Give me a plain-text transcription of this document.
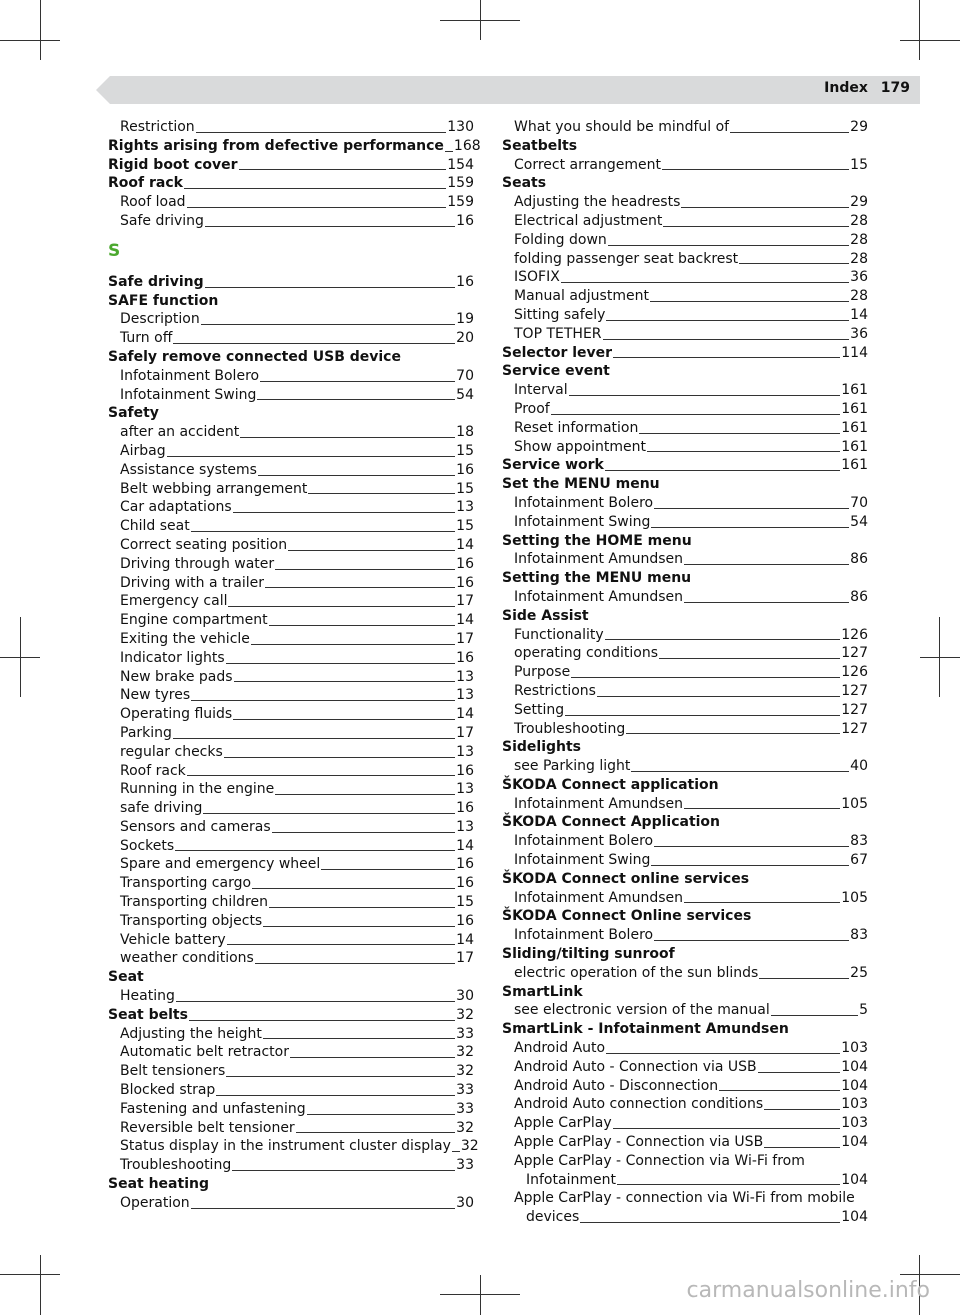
Index 179
Restriction	130
Rights arising from defective performance 168
Rigid boot cover	154
Roof rack	159
Roof load	159
Safe driving	16
S
Safe driving	16
SAFE function
Description	19
Turn off	20
Safely remove connected USB device
Infotainment Bolero	70
Infotainment Swing	54
Safety
after an accident	18
Airbag	15
Assistance systems	16
Belt webbing arrangement	15
Car adaptations	13
Child seat	15
Correct seating position	14
Driving through water	16
Driving with a trailer	16
Emergency call	17
Engine compartment	14
Exiting the vehicle	17
Indicator lights	16
New brake pads	13
New tyres	13
Operating fluids	14
Parking	17
regular checks	13
Roof rack	16
Running in the engine	13
safe driving	16
Sensors and cameras	13
Sockets	14
Spare and emergency wheel	16
Transporting cargo	16
Transporting children	15
Transporting objects	16
Vehicle battery	14
weather conditions	17
Seat
Heating	30
Seat belts	32
Adjusting the height	33
Automatic belt retractor	32
Belt tensioners	32
Blocked strap	33
Fastening and unfastening	33
Reversible belt tensioner	32
Status display in the instrument cluster display 32
Troubleshooting	33
Seat heating
Operation	30
What you should be mindful of	29
Seatbelts
Correct arrangement	15
Seats
Adjusting the headrests	29
Electrical adjustment	28
Folding down	28
folding passenger seat backrest	28
ISOFIX	36
Manual adjustment	28
Sitting safely	14
TOP TETHER	36
Selector lever	114
Service event
Interval	161
Proof	161
Reset information	161
Show appointment	161
Service work	161
Set the MENU menu
Infotainment Bolero	70
Infotainment Swing	54
Setting the HOME menu
Infotainment Amundsen	86
Setting the MENU menu
Infotainment Amundsen	86
Side Assist
Functionality	126
operating conditions	127
Purpose	126
Restrictions	127
Setting	127
Troubleshooting	127
Sidelights
see Parking light	40
ŠKODA Connect application
Infotainment Amundsen	105
ŠKODA Connect Application
Infotainment Bolero	83
Infotainment Swing	67
ŠKODA Connect online services
Infotainment Amundsen	105
ŠKODA Connect Online services
Infotainment Bolero	83
Sliding/tilting sunroof
electric operation of the sun blinds	25
SmartLink
see electronic version of the manual	5
SmartLink - Infotainment Amundsen
Android Auto	103
Android Auto - Connection via USB	104
Android Auto - Disconnection	104
Android Auto connection conditions	103
Apple CarPlay	103
Apple CarPlay - Connection via USB	104
Apple CarPlay - Connection via Wi-Fi from
Infotainment	104
Apple CarPlay - connection via Wi-Fi from mobile
devices	104
carmanualsonline.info
